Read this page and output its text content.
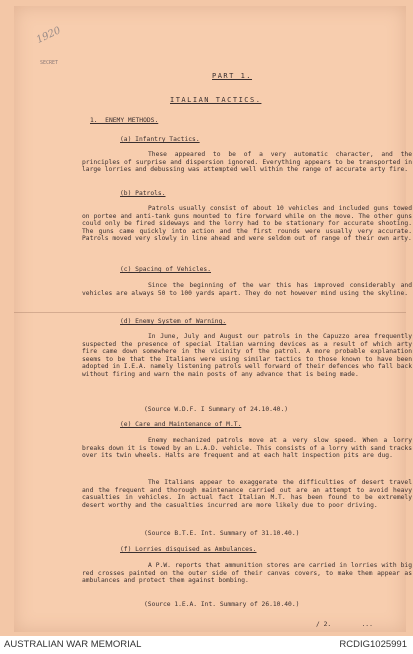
1920
SECRET
PART 1.
ITALIAN TACTICS.
1.  ENEMY METHODS.
(a) Infantry Tactics.
These appeared to be of a very automatic character, and the principles of surprise and dispersion ignored. Everything appears to be transported in large lorries and debussing was attempted well within the range of accurate arty fire.
(b) Patrols.
Patrols usually consist of about 10 vehicles and included guns towed on portee and anti-tank guns mounted to fire forward while on the move. The other guns could only be fired sideways and the lorry had to be stationary for accurate shooting. The guns came quickly into action and the first rounds were usually very accurate. Patrols moved very slowly in line ahead and were seldom out of range of their own arty.
(c) Spacing of Vehicles.
Since the beginning of the war this has improved considerably and vehicles are always 50 to 100 yards apart. They do not however mind using the skyline.
(d) Enemy System of Warning.
In June, July and August our patrols in the Capuzzo area frequently suspected the presence of special Italian warning devices as a result of which arty fire came down somewhere in the vicinity of the patrol. A more probable explanation seems to be that the Italians were using similar tactics to those known to have been adopted in I.E.A. namely listening patrols well forward of their defences who fall back without firing and warn the main posts of any advance that is being made.
(Source W.D.F. I Summary of 24.10.40.)
(e) Care and Maintenance of M.T.
Enemy mechanized patrols move at a very slow speed. When a lorry breaks down it is towed by an L.A.D. vehicle. This consists of a lorry with sand tracks over its twin wheels. Halts are frequent and at each halt inspection pits are dug.
The Italians appear to exaggerate the difficulties of desert travel and the frequent and thorough maintenance carried out are an attempt to avoid heavy casualties in vehicles. In actual fact Italian M.T. has been found to be extremely desert worthy and the casualties incurred are more likely due to poor driving.
(Source B.T.E. Int. Summary of 31.10.40.)
(f) Lorries disguised as Ambulances.
A P.W. reports that ammunition stores are carried in lorries with big red crosses painted on the outer side of their canvas covers, to make them appear as ambulances and protect them against bombing.
(Source 1.E.A. Int. Summary of 26.10.40.)
/ 2.        ...
AUSTRALIAN WAR MEMORIAL	RCDIG1025991
